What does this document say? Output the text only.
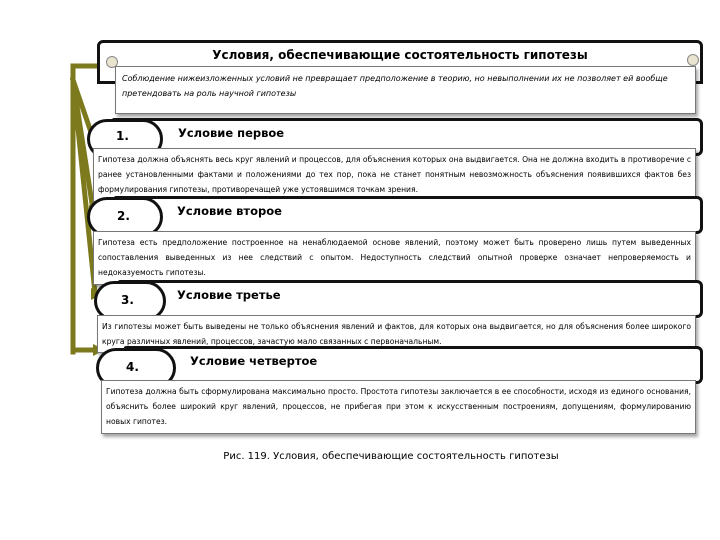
Условия, обеспечивающие состоятельность гипотезы
Соблюдение нижеизложенных условий не превращает предположение в теорию, но невыполнении их не позволяет ей вообще претендовать на роль научной гипотезы
1.	Условие первое
Гипотеза должна объяснять весь круг явлений и процессов, для объяснения которых она выдвигается. Она не должна входить в противоречие с ранее установленными фактами и положениями до тех пор, пока не станет понятным невозможность объяснения появившихся фактов без формулирования гипотезы, противоречащей уже устоявшимся точкам зрения.
2.	Условие второе
Гипотеза есть предположение построенное на ненаблюдаемой основе явлений, поэтому может быть проверено лишь путем выведенных сопоставления выведенных из нее следствий с опытом. Недоступность следствий опытной проверке означает непроверяемость и недоказуемость гипотезы.
3.	Условие третье
Из гипотезы может быть выведены не только объяснения явлений и фактов, для которых она выдвигается, но для объяснения более широкого круга различных явлений, процессов, зачастую мало связанных с первоначальным.
4.	Условие четвертое
Гипотеза должна быть сформулирована максимально просто. Простота гипотезы заключается в ее способности, исходя из единого основания, объяснить более широкий круг явлений, процессов, не прибегая при этом к искусственным построениям, допущениям, формулированию новых гипотез.
Рис. 119. Условия, обеспечивающие состоятельность гипотезы
